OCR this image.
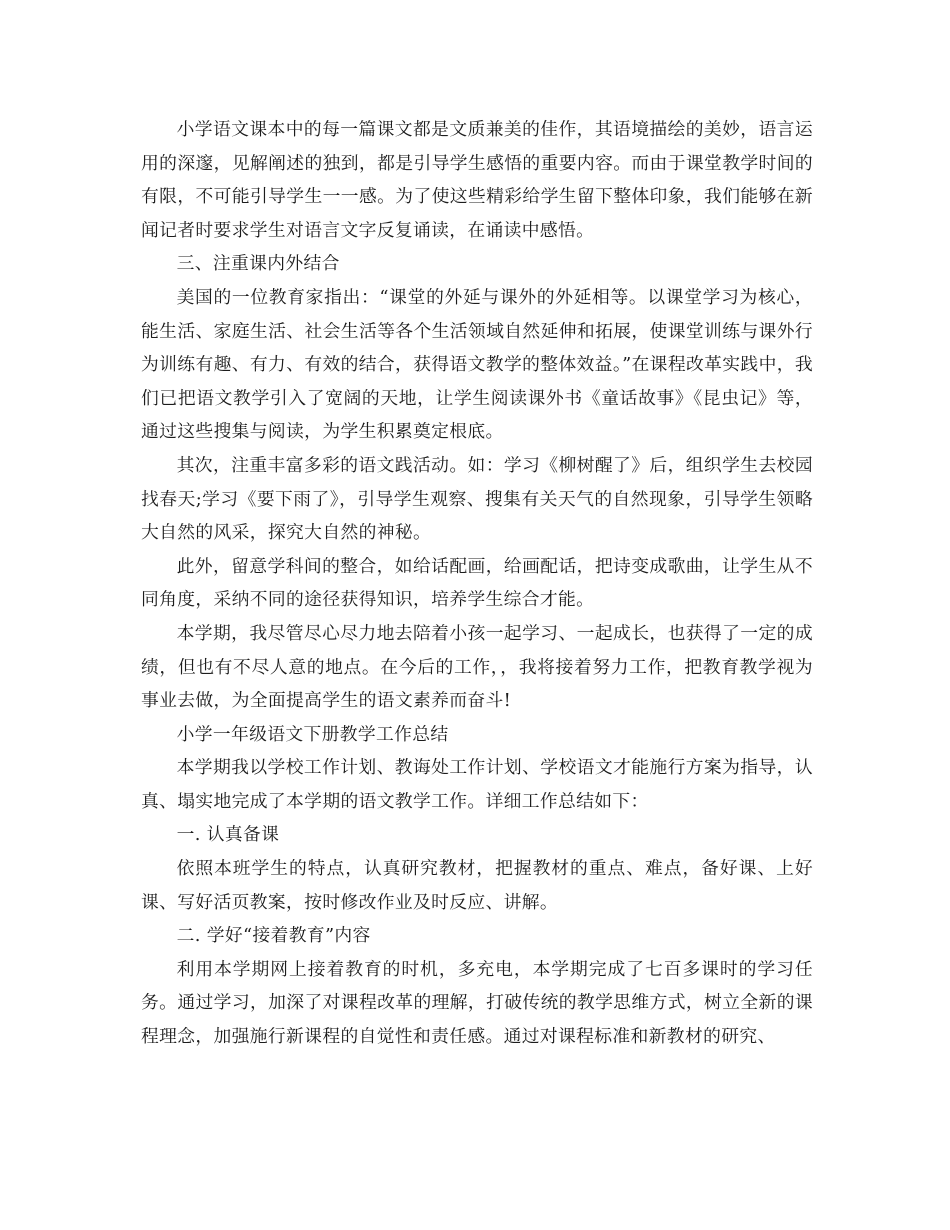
小学语文课本中的每一篇课文都是文质兼美的佳作，其语境描绘的美妙，语言运用的深邃，见解阐述的独到，都是引导学生感悟的重要内容。而由于课堂教学时间的有限，不可能引导学生一一感。为了使这些精彩给学生留下整体印象，我们能够在新闻记者时要求学生对语言文字反复诵读，在诵读中感悟。

三、注重课内外结合

美国的一位教育家指出：“课堂的外延与课外的外延相等。以课堂学习为核心，能生活、家庭生活、社会生活等各个生活领域自然延伸和拓展，使课堂训练与课外行为训练有趣、有力、有效的结合，获得语文教学的整体效益。”在课程改革实践中，我们已把语文教学引入了宽阔的天地，让学生阅读课外书《童话故事》《昆虫记》等，通过这些搜集与阅读，为学生积累奠定根底。

其次，注重丰富多彩的语文践活动。如：学习《柳树醒了》后，组织学生去校园找春天;学习《要下雨了》，引导学生观察、搜集有关天气的自然现象，引导学生领略大自然的风采，探究大自然的神秘。

此外，留意学科间的整合，如给话配画，给画配话，把诗变成歌曲，让学生从不同角度，采纳不同的途径获得知识，培养学生综合才能。

本学期，我尽管尽心尽力地去陪着小孩一起学习、一起成长，也获得了一定的成绩，但也有不尽人意的地点。在今后的工作，，我将接着努力工作，把教育教学视为事业去做，为全面提高学生的语文素养而奋斗!

小学一年级语文下册教学工作总结

本学期我以学校工作计划、教诲处工作计划、学校语文才能施行方案为指导，认真、塌实地完成了本学期的语文教学工作。详细工作总结如下：

一. 认真备课

依照本班学生的特点，认真研究教材，把握教材的重点、难点，备好课、上好课、写好活页教案，按时修改作业及时反应、讲解。

二. 学好“接着教育”内容

利用本学期网上接着教育的时机，多充电，本学期完成了七百多课时的学习任务。通过学习，加深了对课程改革的理解，打破传统的教学思维方式，树立全新的课程理念，加强施行新课程的自觉性和责任感。通过对课程标准和新教材的研究、
